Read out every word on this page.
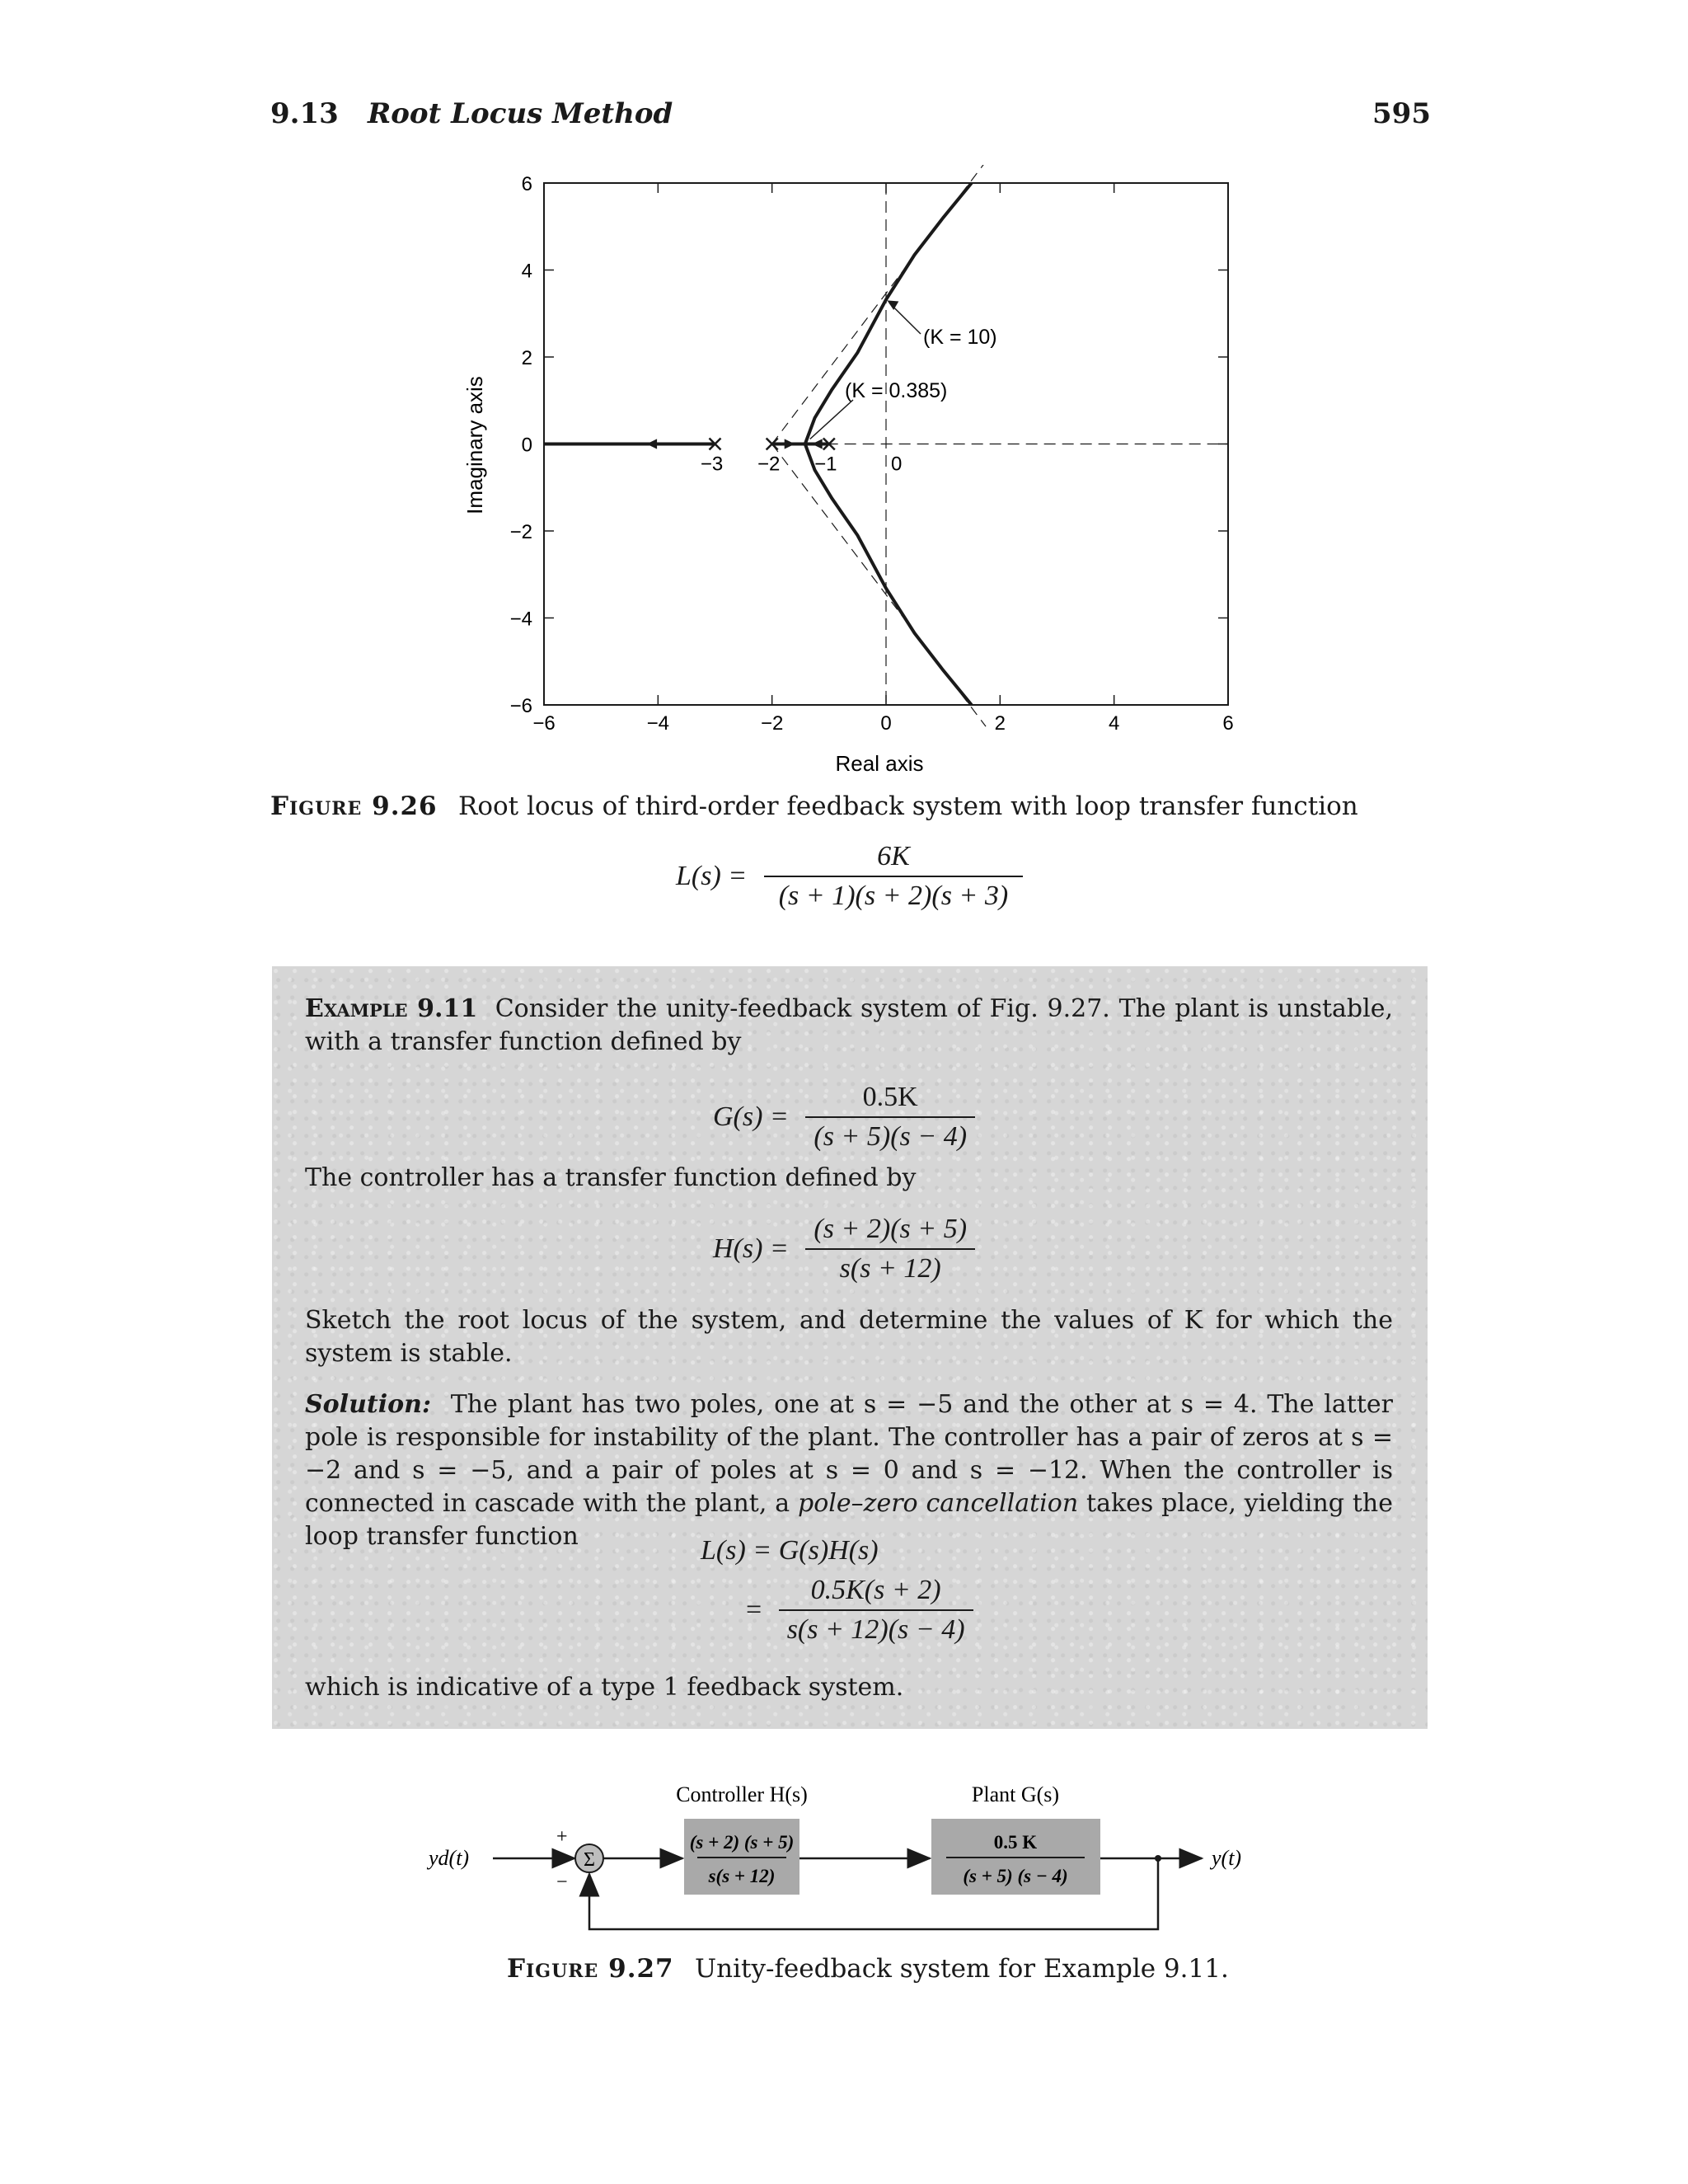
9.13 Root Locus Method	595
−6	−4	−2	0	2	4	6
6
4
2
0
−2
−4
−6
Real axis
Imaginary axis
(K = 10)
(K = 0.385)
−3 −2 −1	0
Figure 9.26 Root locus of third-order feedback system with loop transfer function
$L(s) = \frac{6K}{(s + 1)(s + 2)(s + 3)}$
Example 9.11 Consider the unity-feedback system of Fig. 9.27. The plant is unstable, with a transfer function defined by
$G(s) = \frac{0.5K}{(s + 5)(s - 4)}$
The controller has a transfer function defined by
$H(s) = \frac{(s + 2)(s + 5)}{s(s + 12)}$
Sketch the root locus of the system, and determine the values of K for which the system is stable.
Solution: The plant has two poles, one at s = −5 and the other at s = 4. The latter pole is responsible for instability of the plant. The controller has a pair of zeros at s = −2 and s = −5, and a pair of poles at s = 0 and s = −12. When the controller is connected in cascade with the plant, a pole–zero cancellation takes place, yielding the loop transfer function	L(s) = G(s)H(s)
= $\frac{0.5K(s + 2)}{s(s + 12)(s - 4)}$
which is indicative of a type 1 feedback system.
Controller H(s)	Plant G(s)
yd(t)
+
−
Σ
(s + 2) (s + 5)
s(s + 12)
0.5 K
(s + 5) (s − 4)
y(t)
Figure 9.27 Unity-feedback system for Example 9.11.
